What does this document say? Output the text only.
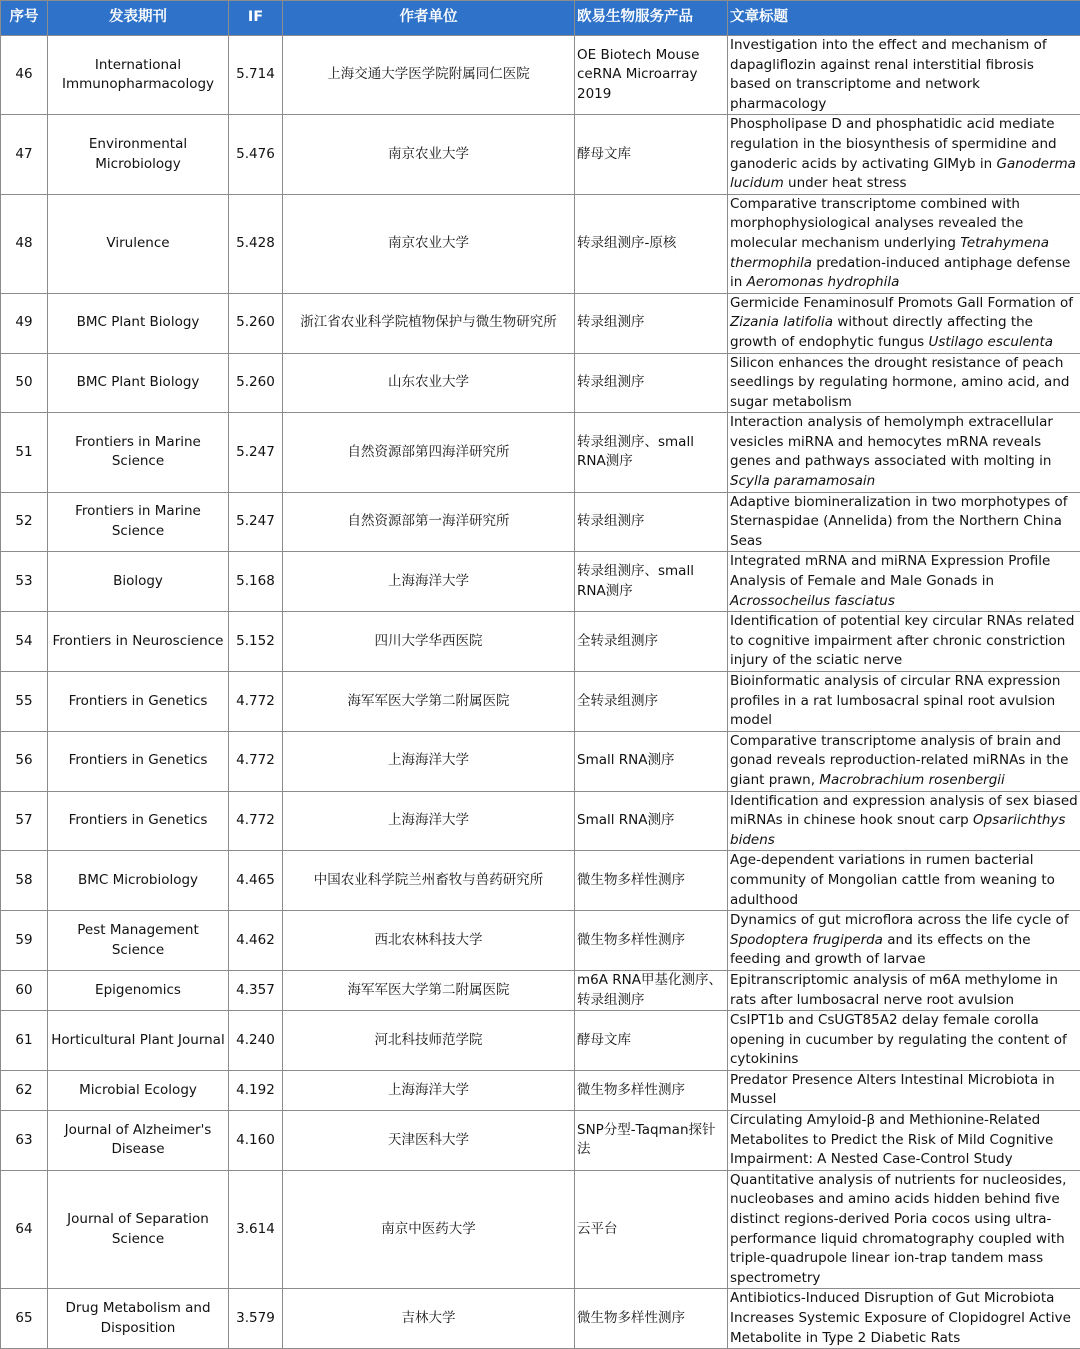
序号	发表期刊	IF	作者单位	欧易生物服务产品	文章标题
46	International Immunopharmacology	5.714	上海交通大学医学院附属同仁医院	OE Biotech Mouse ceRNA Microarray 2019	Investigation into the effect and mechanism of dapagliflozin against renal interstitial fibrosis based on transcriptome and network pharmacology
47	Environmental Microbiology	5.476	南京农业大学	酵母文库	Phospholipase D and phosphatidic acid mediate regulation in the biosynthesis of spermidine and ganoderic acids by activating GlMyb in Ganoderma lucidum under heat stress
48	Virulence	5.428	南京农业大学	转录组测序-原核	Comparative transcriptome combined with morphophysiological analyses revealed the molecular mechanism underlying Tetrahymena thermophila predation-induced antiphage defense in Aeromonas hydrophila
49	BMC Plant Biology	5.260	浙江省农业科学院植物保护与微生物研究所	转录组测序	Germicide Fenaminosulf Promots Gall Formation of Zizania latifolia without directly affecting the growth of endophytic fungus Ustilago esculenta
50	BMC Plant Biology	5.260	山东农业大学	转录组测序	Silicon enhances the drought resistance of peach seedlings by regulating hormone, amino acid, and sugar metabolism
51	Frontiers in Marine Science	5.247	自然资源部第四海洋研究所	转录组测序、small RNA测序	Interaction analysis of hemolymph extracellular vesicles miRNA and hemocytes mRNA reveals genes and pathways associated with molting in Scylla paramamosain
52	Frontiers in Marine Science	5.247	自然资源部第一海洋研究所	转录组测序	Adaptive biomineralization in two morphotypes of Sternaspidae (Annelida) from the Northern China Seas
53	Biology	5.168	上海海洋大学	转录组测序、small RNA测序	Integrated mRNA and miRNA Expression Profile Analysis of Female and Male Gonads in Acrossocheilus fasciatus
54	Frontiers in Neuroscience	5.152	四川大学华西医院	全转录组测序	Identification of potential key circular RNAs related to cognitive impairment after chronic constriction injury of the sciatic nerve
55	Frontiers in Genetics	4.772	海军军医大学第二附属医院	全转录组测序	Bioinformatic analysis of circular RNA expression profiles in a rat lumbosacral spinal root avulsion model
56	Frontiers in Genetics	4.772	上海海洋大学	Small RNA测序	Comparative transcriptome analysis of brain and gonad reveals reproduction-related miRNAs in the giant prawn, Macrobrachium rosenbergii
57	Frontiers in Genetics	4.772	上海海洋大学	Small RNA测序	Identification and expression analysis of sex biased miRNAs in chinese hook snout carp Opsariichthys bidens
58	BMC Microbiology	4.465	中国农业科学院兰州畜牧与兽药研究所	微生物多样性测序	Age-dependent variations in rumen bacterial community of Mongolian cattle from weaning to adulthood
59	Pest Management Science	4.462	西北农林科技大学	微生物多样性测序	Dynamics of gut microflora across the life cycle of Spodoptera frugiperda and its effects on the feeding and growth of larvae
60	Epigenomics	4.357	海军军医大学第二附属医院	m6A RNA甲基化测序、转录组测序	Epitranscriptomic analysis of m6A methylome in rats after lumbosacral nerve root avulsion
61	Horticultural Plant Journal	4.240	河北科技师范学院	酵母文库	CsIPT1b and CsUGT85A2 delay female corolla opening in cucumber by regulating the content of cytokinins
62	Microbial Ecology	4.192	上海海洋大学	微生物多样性测序	Predator Presence Alters Intestinal Microbiota in Mussel
63	Journal of Alzheimer's Disease	4.160	天津医科大学	SNP分型-Taqman探针法	Circulating Amyloid-β and Methionine-Related Metabolites to Predict the Risk of Mild Cognitive Impairment: A Nested Case-Control Study
64	Journal of Separation Science	3.614	南京中医药大学	云平台	Quantitative analysis of nutrients for nucleosides, nucleobases and amino acids hidden behind five distinct regions-derived Poria cocos using ultra-performance liquid chromatography coupled with triple-quadrupole linear ion-trap tandem mass spectrometry
65	Drug Metabolism and Disposition	3.579	吉林大学	微生物多样性测序	Antibiotics-Induced Disruption of Gut Microbiota Increases Systemic Exposure of Clopidogrel Active Metabolite in Type 2 Diabetic Rats
